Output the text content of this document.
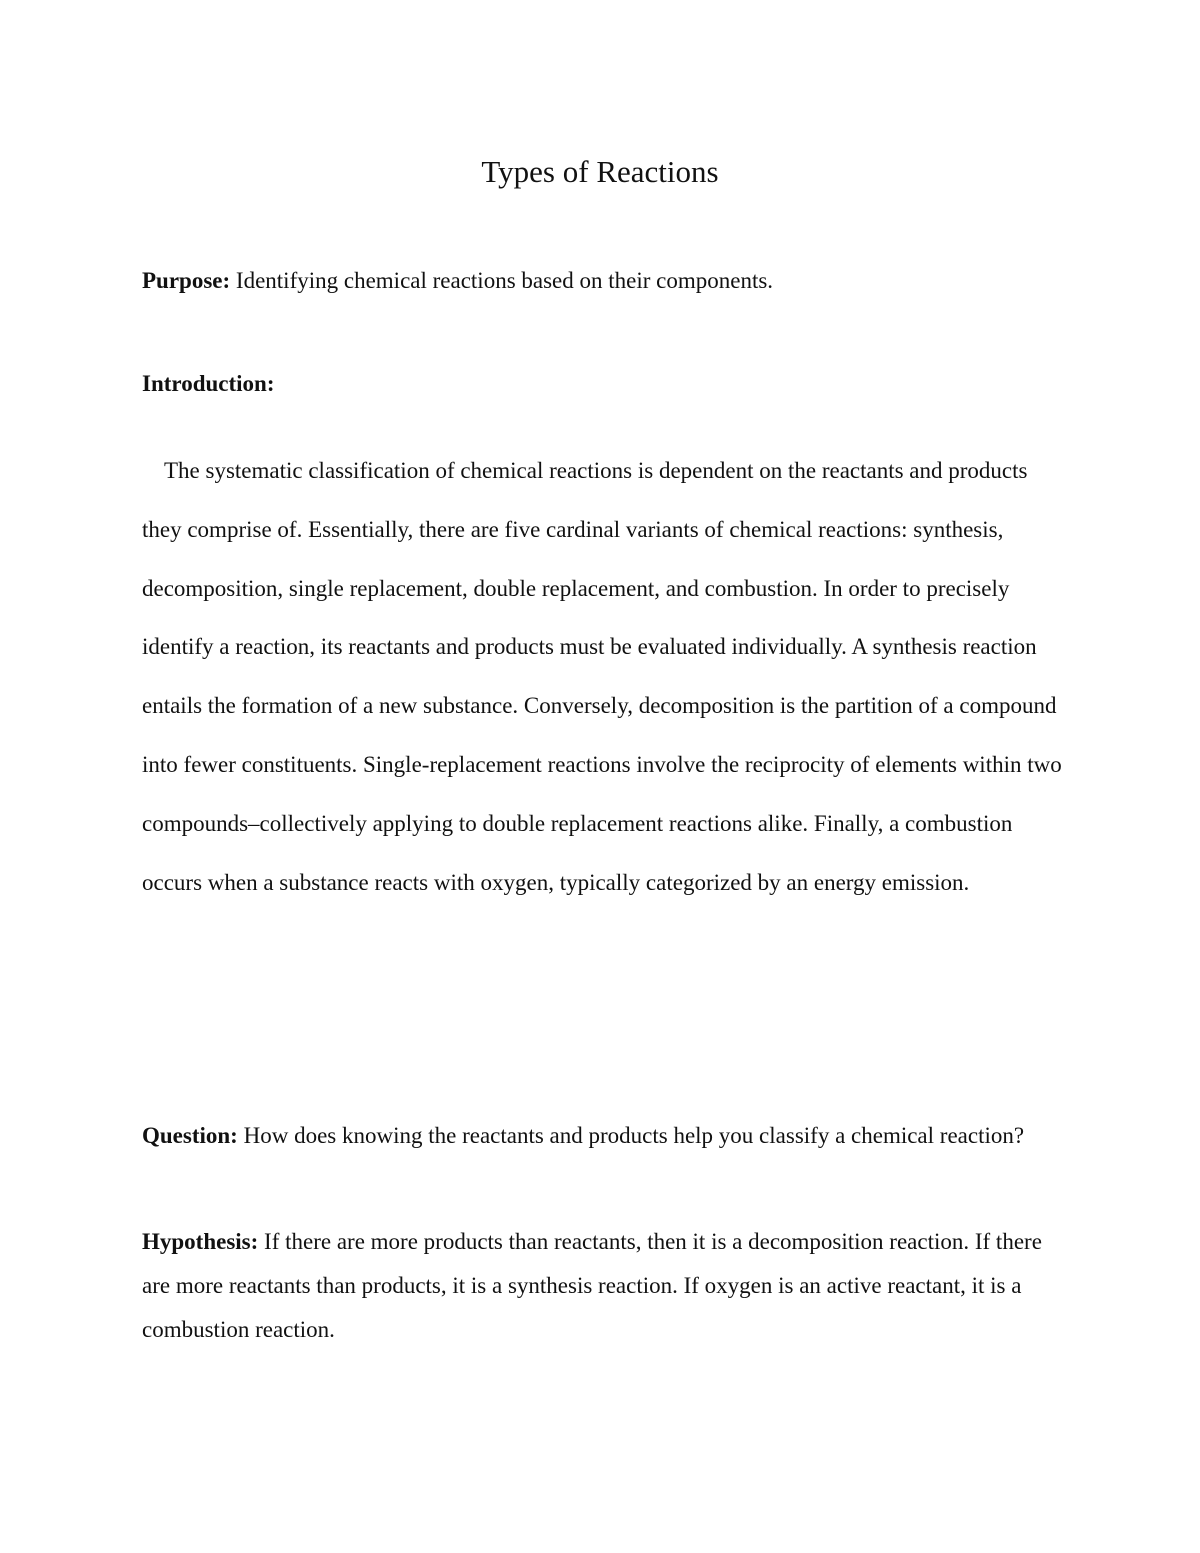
Types of Reactions

Purpose: Identifying chemical reactions based on their components.

Introduction:

The systematic classification of chemical reactions is dependent on the reactants and products they comprise of. Essentially, there are five cardinal variants of chemical reactions: synthesis, decomposition, single replacement, double replacement, and combustion. In order to precisely identify a reaction, its reactants and products must be evaluated individually. A synthesis reaction entails the formation of a new substance. Conversely, decomposition is the partition of a compound into fewer constituents. Single-replacement reactions involve the reciprocity of elements within two compounds–collectively applying to double replacement reactions alike. Finally, a combustion occurs when a substance reacts with oxygen, typically categorized by an energy emission.

Question: How does knowing the reactants and products help you classify a chemical reaction?

Hypothesis: If there are more products than reactants, then it is a decomposition reaction. If there are more reactants than products, it is a synthesis reaction. If oxygen is an active reactant, it is a combustion reaction.
